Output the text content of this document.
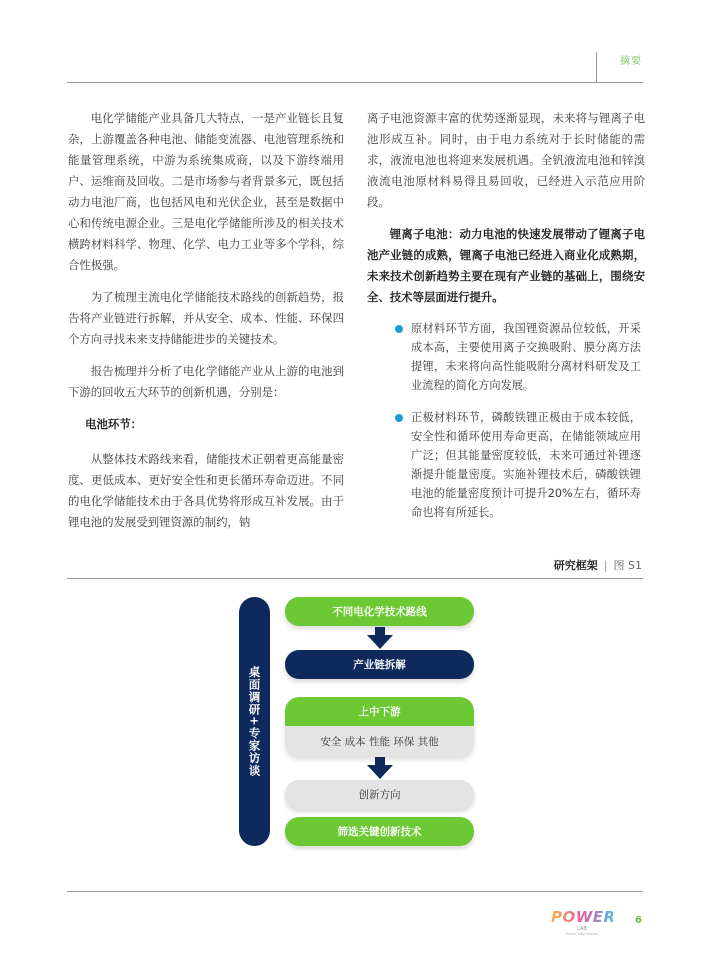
摘要

电化学储能产业具备几大特点，一是产业链长且复杂，上游覆盖各种电池、储能变流器、电池管理系统和能量管理系统，中游为系统集成商，以及下游终端用户、运维商及回收。二是市场参与者背景多元，既包括动力电池厂商，也包括风电和光伏企业，甚至是数据中心和传统电源企业。三是电化学储能所涉及的相关技术横跨材料科学、物理、化学、电力工业等多个学科，综合性极强。

为了梳理主流电化学储能技术路线的创新趋势，报告将产业链进行拆解，并从安全、成本、性能、环保四个方向寻找未来支持储能进步的关键技术。

报告梳理并分析了电化学储能产业从上游的电池到下游的回收五大环节的创新机遇，分别是：

电池环节：

从整体技术路线来看，储能技术正朝着更高能量密度、更低成本、更好安全性和更长循环寿命迈进。不同的电化学储能技术由于各具优势将形成互补发展。由于锂电池的发展受到锂资源的制约，钠

离子电池资源丰富的优势逐渐显现，未来将与锂离子电池形成互补。同时，由于电力系统对于长时储能的需求，液流电池也将迎来发展机遇。全钒液流电池和锌溴液流电池原材料易得且易回收，已经进入示范应用阶段。

锂离子电池：动力电池的快速发展带动了锂离子电池产业链的成熟，锂离子电池已经进入商业化成熟期，未来技术创新趋势主要在现有产业链的基础上，围绕安全、技术等层面进行提升。

原材料环节方面，我国锂资源品位较低，开采成本高，主要使用离子交换吸附、膜分离方法提锂，未来将向高性能吸附分离材料研发及工业流程的简化方向发展。
正极材料环节，磷酸铁锂正极由于成本较低，安全性和循环使用寿命更高，在储能领域应用广泛；但其能量密度较低，未来可通过补锂逐渐提升能量密度。实施补锂技术后，磷酸铁锂电池的能量密度预计可提升20%左右，循环寿命也将有所延长。
研究框架 | 图 S1
桌面调研+专家访谈
不同电化学技术路线
产业链拆解
上中下游
安全 成本 性能 环保 其他
创新方向
筛选关键创新技术
POWER
LAB
Power Information
6
